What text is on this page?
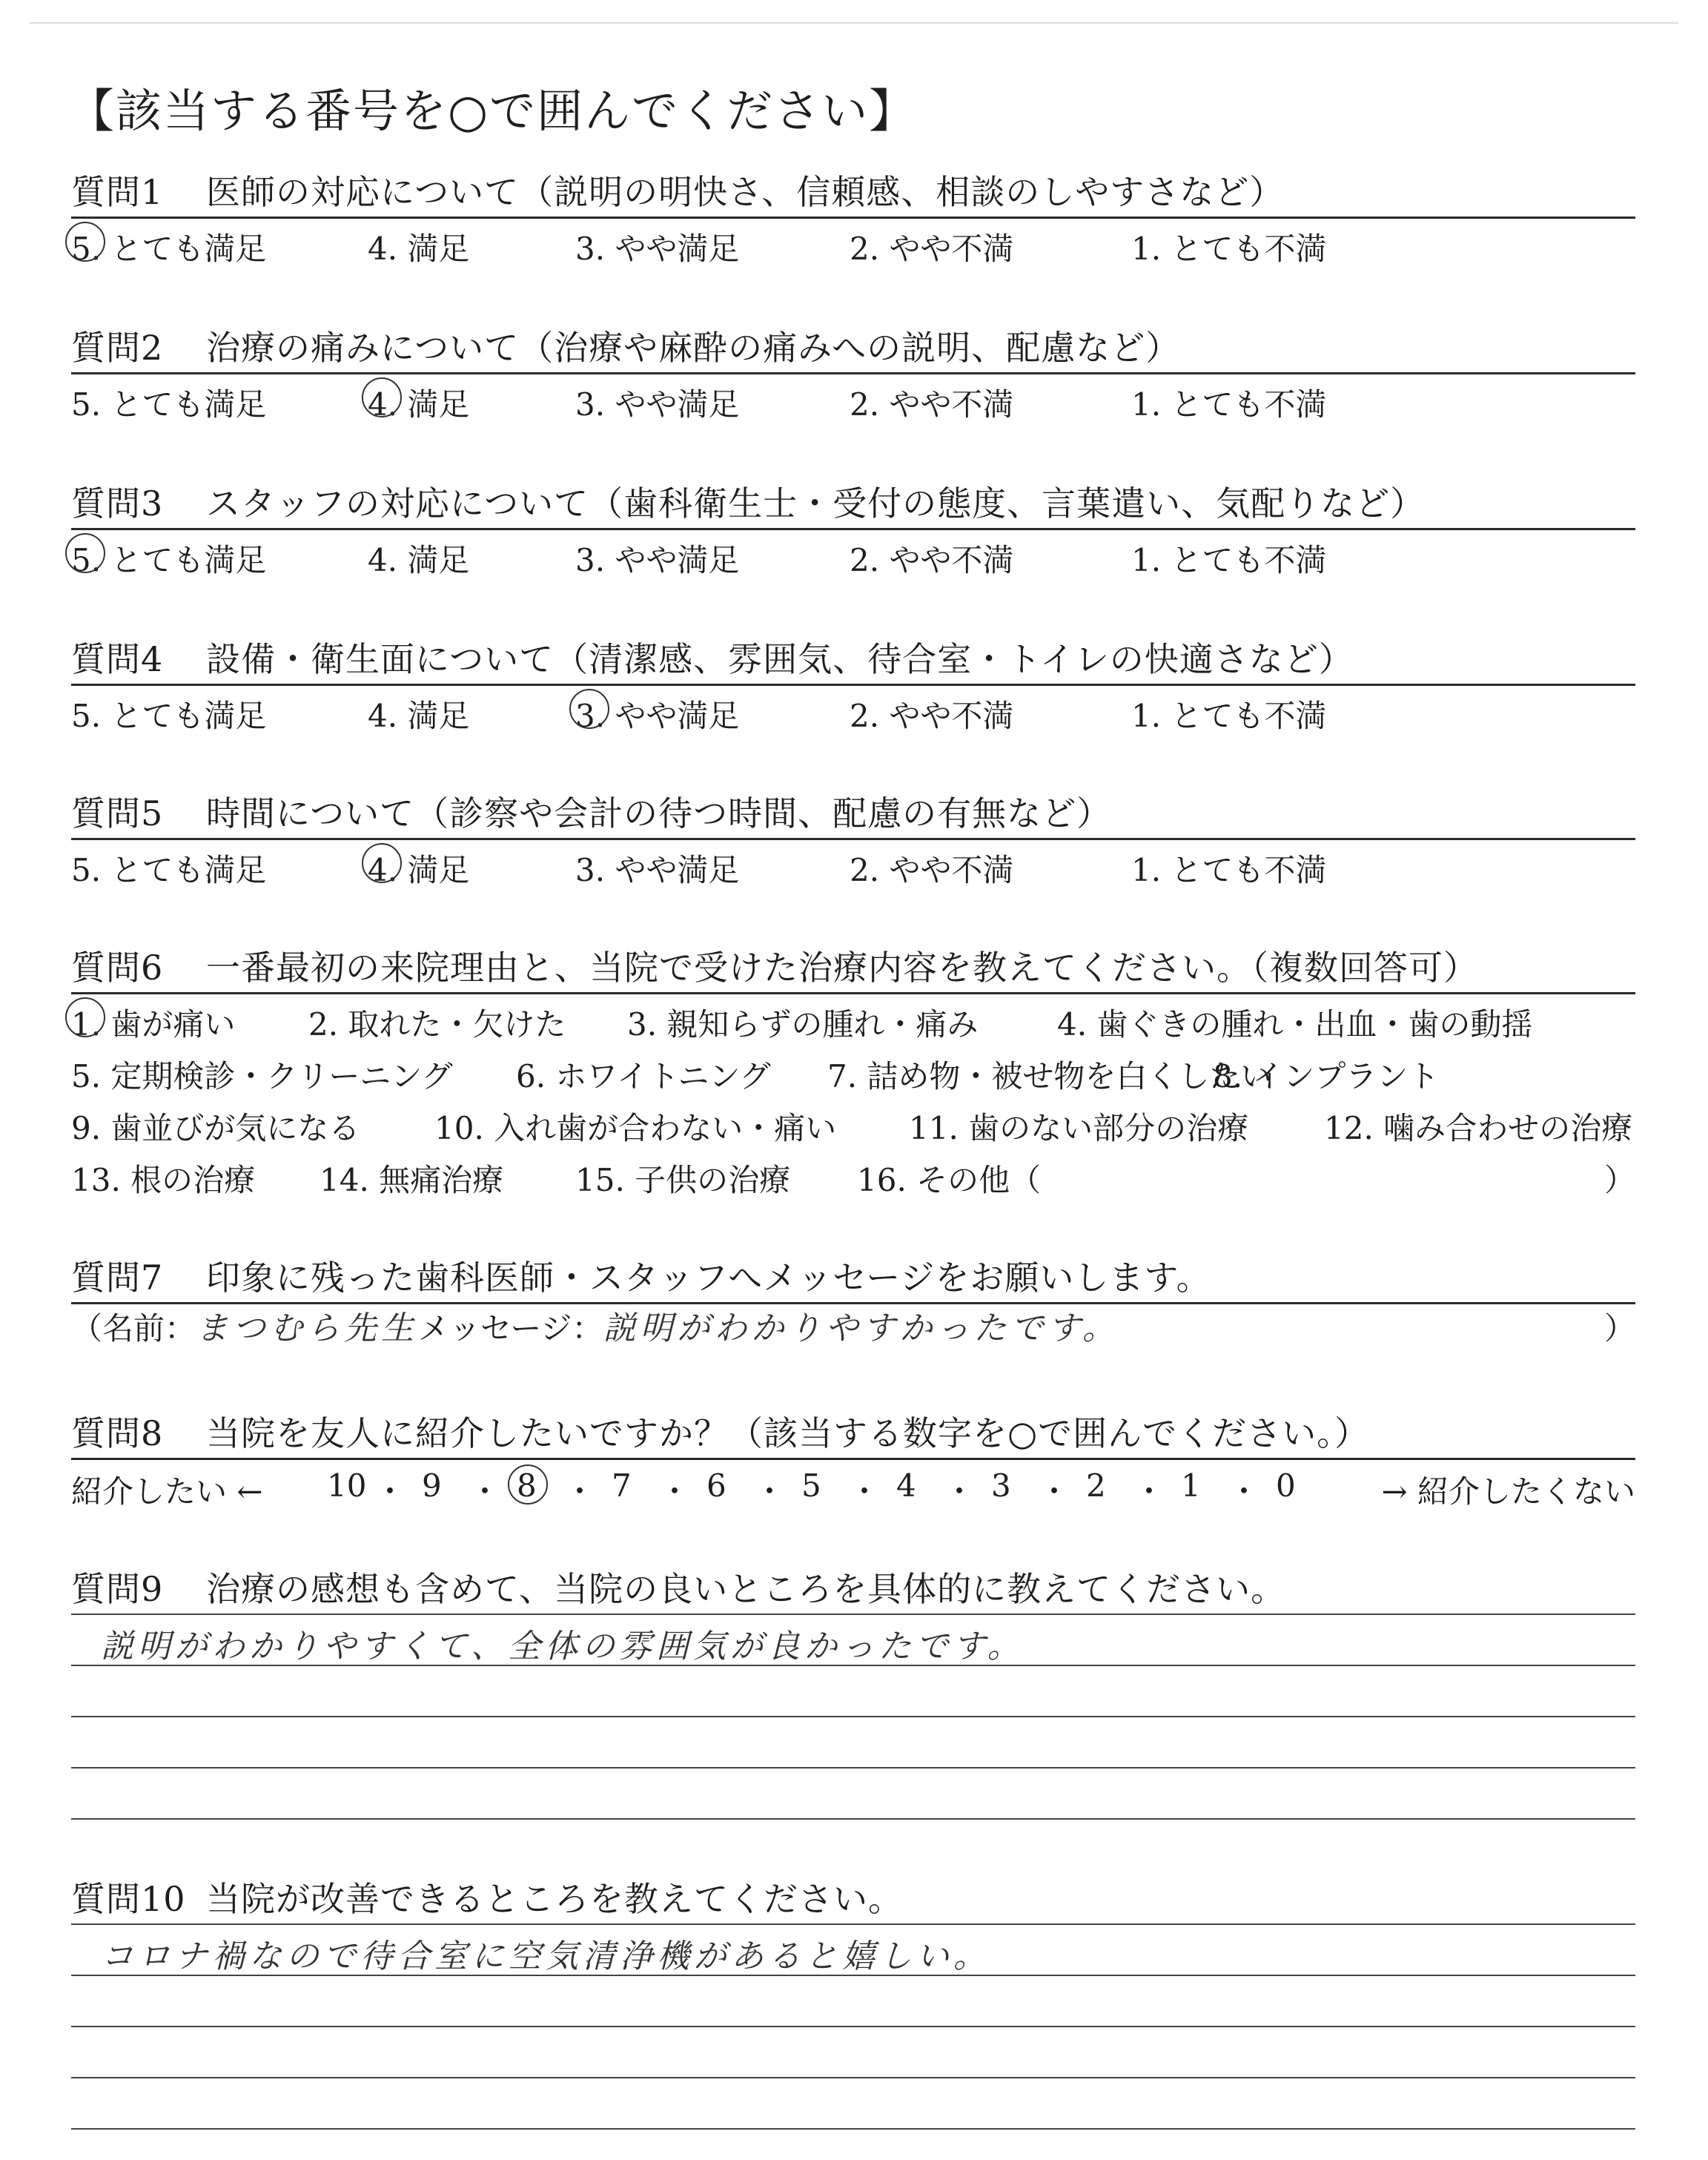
【該当する番号を○で囲んでください】
質問1 医師の対応について（説明の明快さ、信頼感、相談のしやすさなど）
5. とても満足	4. 満足	3. やや満足	2. やや不満	1. とても不満
質問2 治療の痛みについて（治療や麻酔の痛みへの説明、配慮など）
5. とても満足	4. 満足	3. やや満足	2. やや不満	1. とても不満
質問3 スタッフの対応について（歯科衛生士・受付の態度、言葉遣い、気配りなど）
5. とても満足	4. 満足	3. やや満足	2. やや不満	1. とても不満
質問4 設備・衛生面について（清潔感、雰囲気、待合室・トイレの快適さなど）
5. とても満足	4. 満足	3. やや満足	2. やや不満	1. とても不満
質問5 時間について（診察や会計の待つ時間、配慮の有無など）
5. とても満足	4. 満足	3. やや満足	2. やや不満	1. とても不満
質問6 一番最初の来院理由と、当院で受けた治療内容を教えてください。（複数回答可）
1. 歯が痛い 2. 取れた・欠けた 3. 親知らずの腫れ・痛み	4. 歯ぐきの腫れ・出血・歯の動揺
5. 定期検診・クリーニング 6. ホワイトニング 7. 詰め物・被せ物を白くしたい
8. インプラント
9. 歯並びが気になる 10. 入れ歯が合わない・痛い 11. 歯のない部分の治療 12. 噛み合わせの治療
13. 根の治療 14. 無痛治療 15. 子供の治療 16. その他（	）
質問7 印象に残った歯科医師・スタッフへメッセージをお願いします。
（名前：まつむら先生メッセージ：説明がわかりやすかったです。	）
質問8 当院を友人に紹介したいですか？（該当する数字を○で囲んでください。）
紹介したい ←	→ 紹介したくない
10 ・ 9 ・ 8 ・ 7 ・ 6 ・ 5 ・ 4 ・ 3 ・ 2 ・ 1 ・ 0
質問9 治療の感想も含めて、当院の良いところを具体的に教えてください。
説明がわかりやすくて、全体の雰囲気が良かったです。
質問10 当院が改善できるところを教えてください。
コロナ禍なので待合室に空気清浄機があると嬉しい。
